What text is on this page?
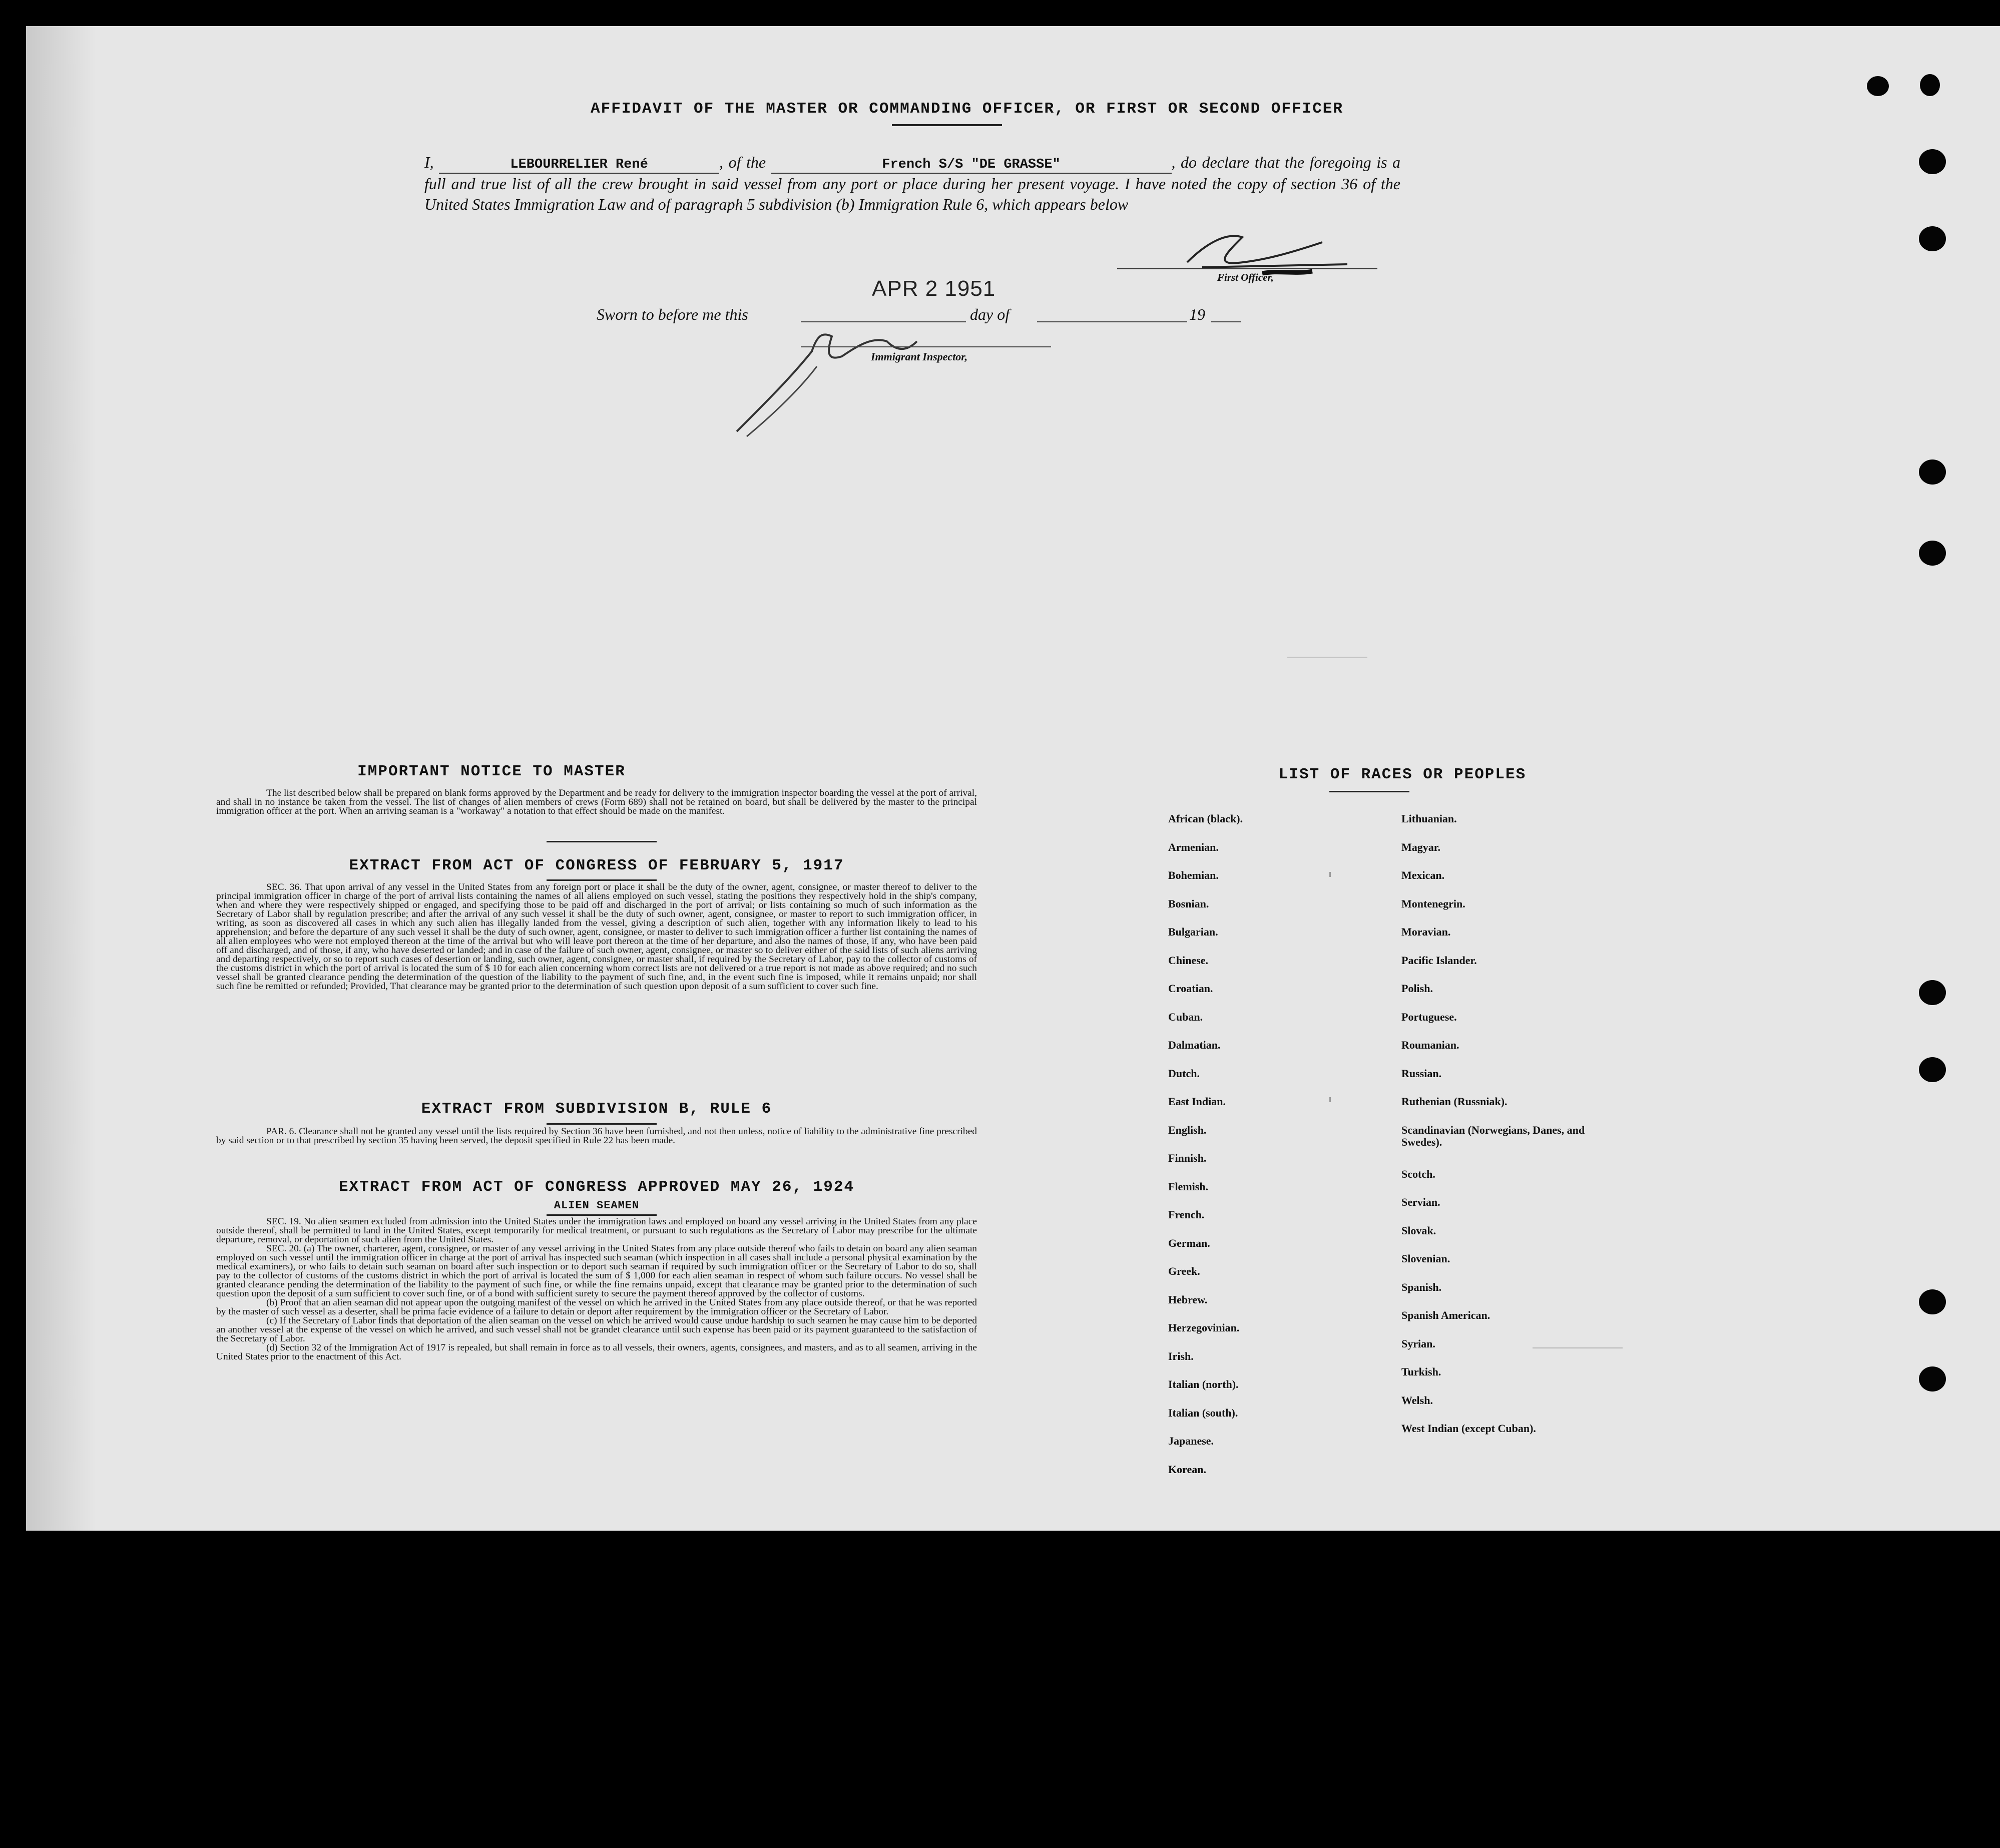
AFFIDAVIT OF THE MASTER OR COMMANDING OFFICER, OR FIRST OR SECOND OFFICER
I,	LEBOURRELIER René	, of the	French S/S "DE GRASSE"	, do declare that the foregoing is a full and true list of all the crew brought in said vessel from any port or place during her present voyage. I have noted the copy of section 36 of the United States Immigration Law and of paragraph 5 subdivision (b) Immigration Rule 6, which appears below
First Officer,
APR 2 1951
Sworn to before me this	day of	19
Immigrant Inspector,
IMPORTANT NOTICE TO MASTER

The list described below shall be prepared on blank forms approved by the Department and be ready for delivery to the immigration inspector boarding the vessel at the port of arrival, and shall in no instance be taken from the vessel. The list of changes of alien members of crews (Form 689) shall not be retained on board, but shall be delivered by the master to the principal immigration officer at the port. When an arriving seaman is a "workaway" a notation to that effect should be made on the manifest.

EXTRACT FROM ACT OF CONGRESS OF FEBRUARY 5, 1917

SEC. 36. That upon arrival of any vessel in the United States from any foreign port or place it shall be the duty of the owner, agent, consignee, or master thereof to deliver to the principal immigration officer in charge of the port of arrival lists containing the names of all aliens employed on such vessel, stating the positions they respectively hold in the ship's company, when and where they were respectively shipped or engaged, and specifying those to be paid off and discharged in the port of arrival; or lists containing so much of such information as the Secretary of Labor shall by regulation prescribe; and after the arrival of any such vessel it shall be the duty of such owner, agent, consignee, or master to report to such immigration officer, in writing, as soon as discovered all cases in which any such alien has illegally landed from the vessel, giving a description of such alien, together with any information likely to lead to his apprehension; and before the departure of any such vessel it shall be the duty of such owner, agent, consignee, or master to deliver to such immigration officer a further list containing the names of all alien employees who were not employed thereon at the time of the arrival but who will leave port thereon at the time of her departure, and also the names of those, if any, who have been paid off and discharged, and of those, if any, who have deserted or landed; and in case of the failure of such owner, agent, consignee, or master so to deliver either of the said lists of such aliens arriving and departing respectively, or so to report such cases of desertion or landing, such owner, agent, consignee, or master shall, if required by the Secretary of Labor, pay to the collector of customs of the customs district in which the port of arrival is located the sum of $ 10 for each alien concerning whom correct lists are not delivered or a true report is not made as above required; and no such vessel shall be granted clearance pending the determination of the question of the liability to the payment of such fine, and, in the event such fine is imposed, while it remains unpaid; nor shall such fine be remitted or refunded; Provided, That clearance may be granted prior to the determination of such question upon deposit of a sum sufficient to cover such fine.

EXTRACT FROM SUBDIVISION B, RULE 6

PAR. 6. Clearance shall not be granted any vessel until the lists required by Section 36 have been furnished, and not then unless, notice of liability to the administrative fine prescribed by said section or to that prescribed by section 35 having been served, the deposit specified in Rule 22 has been made.

EXTRACT FROM ACT OF CONGRESS APPROVED MAY 26, 1924
ALIEN SEAMEN

SEC. 19. No alien seamen excluded from admission into the United States under the immigration laws and employed on board any vessel arriving in the United States from any place outside thereof, shall be permitted to land in the United States, except temporarily for medical treatment, or pursuant to such regulations as the Secretary of Labor may prescribe for the ultimate departure, removal, or deportation of such alien from the United States.

SEC. 20. (a) The owner, charterer, agent, consignee, or master of any vessel arriving in the United States from any place outside thereof who fails to detain on board any alien seaman employed on such vessel until the immigration officer in charge at the port of arrival has inspected such seaman (which inspection in all cases shall include a personal physical examination by the medical examiners), or who fails to detain such seaman on board after such inspection or to deport such seaman if required by such immigration officer or the Secretary of Labor to do so, shall pay to the collector of customs of the customs district in which the port of arrival is located the sum of $ 1,000 for each alien seaman in respect of whom such failure occurs. No vessel shall be granted clearance pending the determination of the liability to the payment of such fine, or while the fine remains unpaid, except that clearance may be granted prior to the determination of such question upon the deposit of a sum sufficient to cover such fine, or of a bond with sufficient surety to secure the payment thereof approved by the collector of customs.

(b) Proof that an alien seaman did not appear upon the outgoing manifest of the vessel on which he arrived in the United States from any place outside thereof, or that he was reported by the master of such vessel as a deserter, shall be prima facie evidence of a failure to detain or deport after requirement by the immigration officer or the Secretary of Labor.

(c) If the Secretary of Labor finds that deportation of the alien seaman on the vessel on which he arrived would cause undue hardship to such seamen he may cause him to be deported an another vessel at the expense of the vessel on which he arrived, and such vessel shall not be grandet clearance until such expense has been paid or its payment guaranteed to the satisfaction of the Secretary of Labor.

(d) Section 32 of the Immigration Act of 1917 is repealed, but shall remain in force as to all vessels, their owners, agents, consignees, and masters, and as to all seamen, arriving in the United States prior to the enactment of this Act.

LIST OF RACES OR PEOPLES
African (black).
Armenian.
Bohemian.
Bosnian.
Bulgarian.
Chinese.
Croatian.
Cuban.
Dalmatian.
Dutch.
East Indian.
English.
Finnish.
Flemish.
French.
German.
Greek.
Hebrew.
Herzegovinian.
Irish.
Italian (north).
Italian (south).
Japanese.
Korean.
Lithuanian.
Magyar.
Mexican.
Montenegrin.
Moravian.
Pacific Islander.
Polish.
Portuguese.
Roumanian.
Russian.
Ruthenian (Russniak).
Scandinavian (Norwegians, Danes, and Swedes).
Scotch.
Servian.
Slovak.
Slovenian.
Spanish.
Spanish American.
Syrian.
Turkish.
Welsh.
West Indian (except Cuban).
